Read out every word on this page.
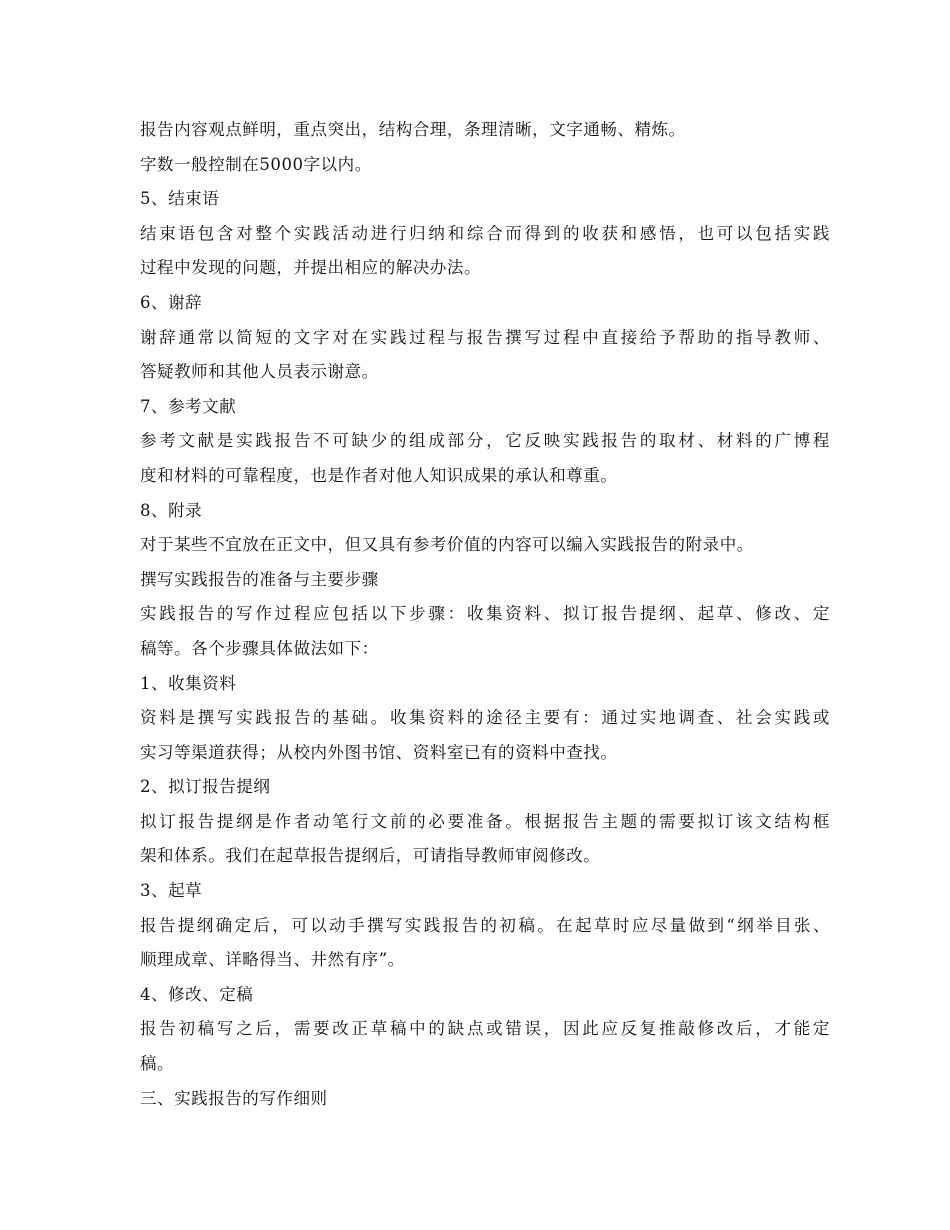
报告内容观点鲜明，重点突出，结构合理，条理清晰，文字通畅、精炼。
字数一般控制在5000字以内。
5、结束语
结束语包含对整个实践活动进行归纳和综合而得到的收获和感悟，也可以包括实践
过程中发现的问题，并提出相应的解决办法。
6、谢辞
谢辞通常以简短的文字对在实践过程与报告撰写过程中直接给予帮助的指导教师、
答疑教师和其他人员表示谢意。
7、参考文献
参考文献是实践报告不可缺少的组成部分，它反映实践报告的取材、材料的广博程
度和材料的可靠程度，也是作者对他人知识成果的承认和尊重。
8、附录
对于某些不宜放在正文中，但又具有参考价值的内容可以编入实践报告的附录中。
撰写实践报告的准备与主要步骤
实践报告的写作过程应包括以下步骤：收集资料、拟订报告提纲、起草、修改、定
稿等。各个步骤具体做法如下：
1、收集资料
资料是撰写实践报告的基础。收集资料的途径主要有：通过实地调查、社会实践或
实习等渠道获得；从校内外图书馆、资料室已有的资料中查找。
2、拟订报告提纲
拟订报告提纲是作者动笔行文前的必要准备。根据报告主题的需要拟订该文结构框
架和体系。我们在起草报告提纲后，可请指导教师审阅修改。
3、起草
报告提纲确定后，可以动手撰写实践报告的初稿。在起草时应尽量做到“纲举目张、
顺理成章、详略得当、井然有序”。
4、修改、定稿
报告初稿写之后，需要改正草稿中的缺点或错误，因此应反复推敲修改后，才能定
稿。
三、实践报告的写作细则
